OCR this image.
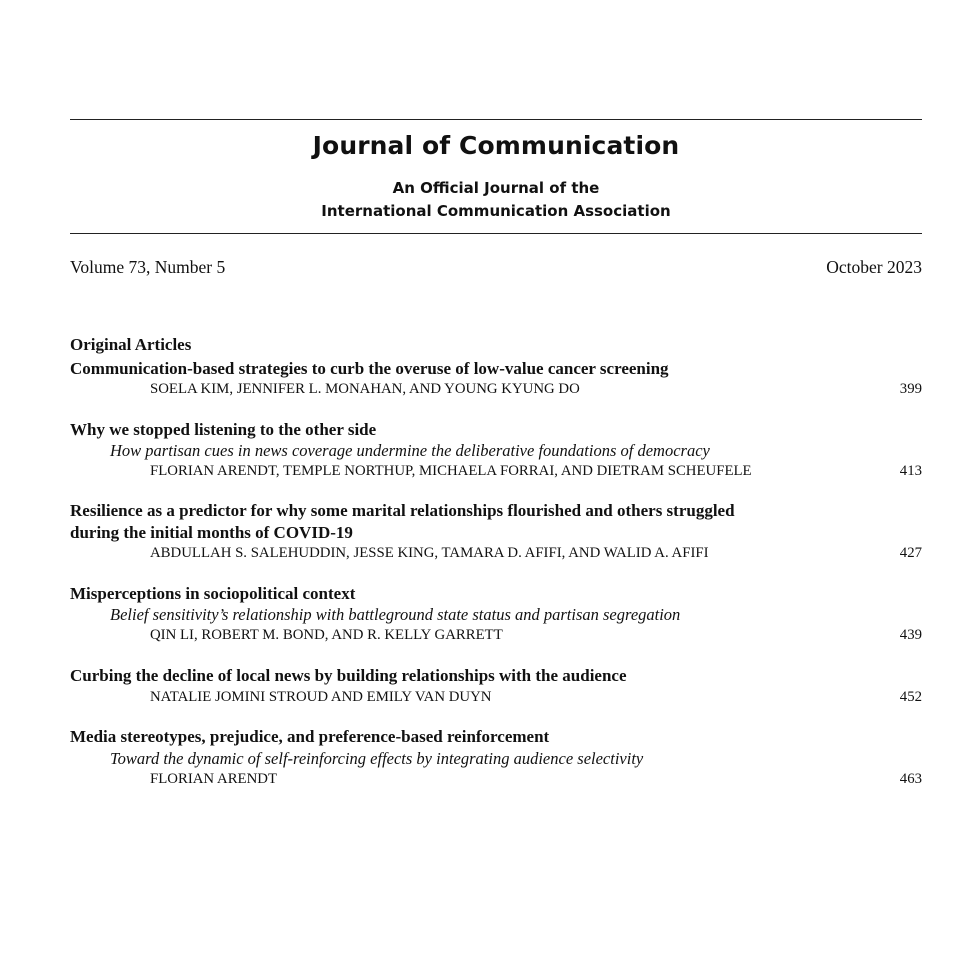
Journal of Communication
An Official Journal of the
International Communication Association
Volume 73, Number 5	October 2023
Original Articles
Communication-based strategies to curb the overuse of low-value cancer screening
SOELA KIM, JENNIFER L. MONAHAN, AND YOUNG KYUNG DO	399
Why we stopped listening to the other side
How partisan cues in news coverage undermine the deliberative foundations of democracy
FLORIAN ARENDT, TEMPLE NORTHUP, MICHAELA FORRAI, AND DIETRAM SCHEUFELE	413
Resilience as a predictor for why some marital relationships flourished and others struggled
during the initial months of COVID-19
ABDULLAH S. SALEHUDDIN, JESSE KING, TAMARA D. AFIFI, AND WALID A. AFIFI	427
Misperceptions in sociopolitical context
Belief sensitivity’s relationship with battleground state status and partisan segregation
QIN LI, ROBERT M. BOND, AND R. KELLY GARRETT	439
Curbing the decline of local news by building relationships with the audience
NATALIE JOMINI STROUD AND EMILY VAN DUYN	452
Media stereotypes, prejudice, and preference-based reinforcement
Toward the dynamic of self-reinforcing effects by integrating audience selectivity
FLORIAN ARENDT	463
